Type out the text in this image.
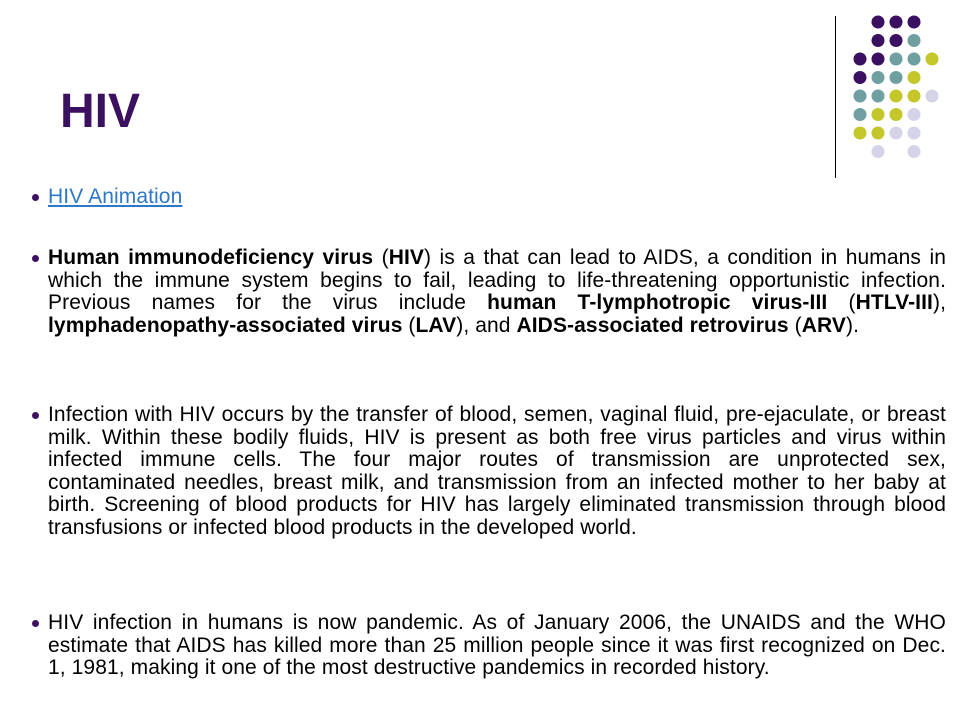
HIV
HIV Animation
Human immunodeficiency virus (HIV) is a that can lead to AIDS, a condition in humans in which the immune system begins to fail, leading to life-threatening opportunistic infection. Previous names for the virus include human T-lymphotropic virus-III (HTLV-III), lymphadenopathy-associated virus (LAV), and AIDS-associated retrovirus (ARV).
Infection with HIV occurs by the transfer of blood, semen, vaginal fluid, pre-ejaculate, or breast milk. Within these bodily fluids, HIV is present as both free virus particles and virus within infected immune cells. The four major routes of transmission are unprotected sex, contaminated needles, breast milk, and transmission from an infected mother to her baby at birth. Screening of blood products for HIV has largely eliminated transmission through blood transfusions or infected blood products in the developed world.
HIV infection in humans is now pandemic. As of January 2006, the UNAIDS and the WHO estimate that AIDS has killed more than 25 million people since it was first recognized on Dec. 1, 1981, making it one of the most destructive pandemics in recorded history.
